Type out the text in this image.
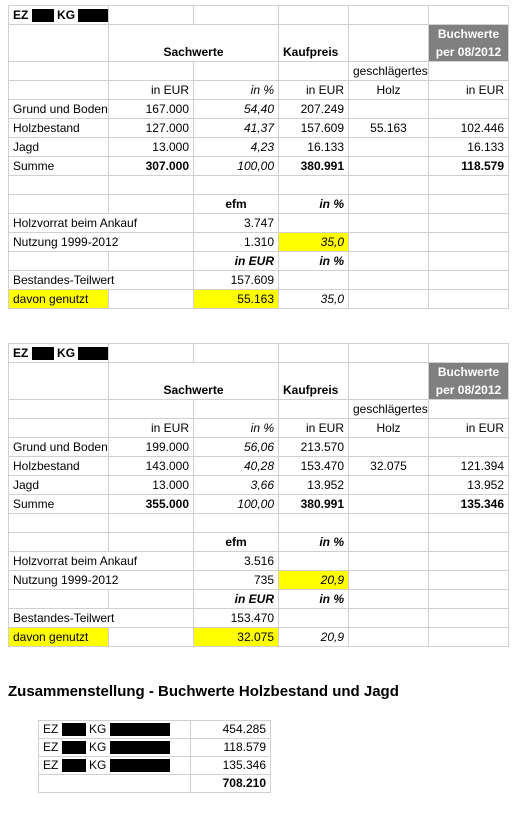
EZ KG					
	Sachwerte		Kaufpreis		Buchwerte
per 08/2012
				geschlägertes	
	in EUR	in %	in EUR	Holz	in EUR
Grund und Boden	167.000	54,40	207.249		
Holzbestand	127.000	41,37	157.609	55.163	102.446
Jagd	13.000	4,23	16.133		16.133
Summe	307.000	100,00	380.991		118.579

		efm	in %		
Holzvorrat beim Ankauf		3.747			
Nutzung 1999-2012		1.310	35,0		
		in EUR	in %		
Bestandes-Teilwert		157.609			
davon genutzt		55.163	35,0		
EZ KG					
	Sachwerte		Kaufpreis		Buchwerte
per 08/2012
				geschlägertes	
	in EUR	in %	in EUR	Holz	in EUR
Grund und Boden	199.000	56,06	213.570		
Holzbestand	143.000	40,28	153.470	32.075	121.394
Jagd	13.000	3,66	13.952		13.952
Summe	355.000	100,00	380.991		135.346

		efm	in %		
Holzvorrat beim Ankauf		3.516			
Nutzung 1999-2012		735	20,9		
		in EUR	in %		
Bestandes-Teilwert		153.470			
davon genutzt		32.075	20,9		
Zusammenstellung - Buchwerte Holzbestand und Jagd
EZ KG	454.285
EZ KG	118.579
EZ KG	135.346
	708.210
